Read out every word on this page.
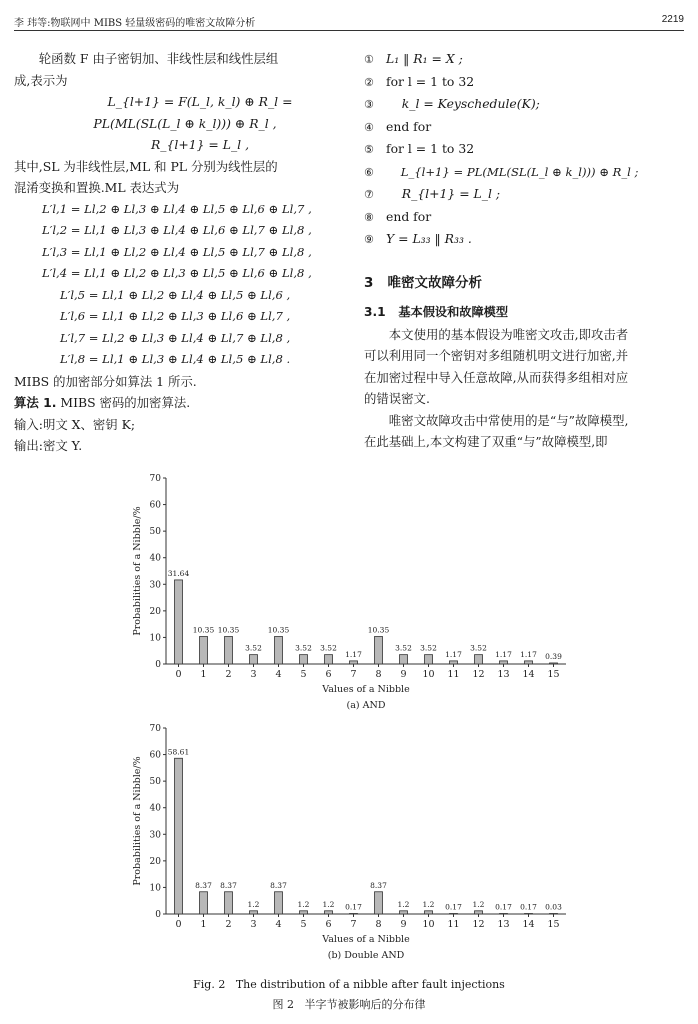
李 玮等:物联网中 MIBS 轻量级密码的唯密文故障分析	2219

轮函数 F 由子密钥加、非线性层和线性层组

成,表示为

L_{l+1} = F(L_l, k_l) ⊕ R_l =

PL(ML(SL(L_l ⊕ k_l))) ⊕ R_l ,

R_{l+1} = L_l ,

其中,SL 为非线性层,ML 和 PL 分别为线性层的

混淆变换和置换.ML 表达式为

L′l,1 = Ll,2 ⊕ Ll,3 ⊕ Ll,4 ⊕ Ll,5 ⊕ Ll,6 ⊕ Ll,7 ,

L′l,2 = Ll,1 ⊕ Ll,3 ⊕ Ll,4 ⊕ Ll,6 ⊕ Ll,7 ⊕ Ll,8 ,

L′l,3 = Ll,1 ⊕ Ll,2 ⊕ Ll,4 ⊕ Ll,5 ⊕ Ll,7 ⊕ Ll,8 ,

L′l,4 = Ll,1 ⊕ Ll,2 ⊕ Ll,3 ⊕ Ll,5 ⊕ Ll,6 ⊕ Ll,8 ,

L′l,5 = Ll,1 ⊕ Ll,2 ⊕ Ll,4 ⊕ Ll,5 ⊕ Ll,6 ,

L′l,6 = Ll,1 ⊕ Ll,2 ⊕ Ll,3 ⊕ Ll,6 ⊕ Ll,7 ,

L′l,7 = Ll,2 ⊕ Ll,3 ⊕ Ll,4 ⊕ Ll,7 ⊕ Ll,8 ,

L′l,8 = Ll,1 ⊕ Ll,3 ⊕ Ll,4 ⊕ Ll,5 ⊕ Ll,8 .

MIBS 的加密部分如算法 1 所示.

算法 1. MIBS 密码的加密算法.

输入:明文 X、密钥 K;

输出:密文 Y.

① L₁ ‖ R₁ = X ;

② for l = 1 to 32

③    k_l = Keyschedule(K);

④ end for

⑤ for l = 1 to 32

⑥    L_{l+1} = PL(ML(SL(L_l ⊕ k_l))) ⊕ R_l ;

⑦    R_{l+1} = L_l ;

⑧ end for

⑨ Y = L₃₃ ‖ R₃₃ .

3   唯密文故障分析

3.1   基本假设和故障模型

本文使用的基本假设为唯密文攻击,即攻击者

可以利用同一个密钥对多组随机明文进行加密,并

在加密过程中导入任意故障,从而获得多组相对应

的错误密文.

唯密文故障攻击中常使用的是“与”故障模型,

在此基础上,本文构建了双重“与”故障模型,即

0
10
20
30
40
50
60
70
31.64
0
10.35
1
10.35
2
3.52
3
10.35
4
3.52
5
3.52
6
1.17
7
10.35
8
3.52
9
3.52
10
1.17
11
3.52
12
1.17
13
1.17
14
0.39
15
Values of a Nibble
Probabilities of a Nibble/%
(a) AND
0
10
20
30
40
50
60
70
58.61
0
8.37
1
8.37
2
1.2
3
8.37
4
1.2
5
1.2
6
0.17
7
8.37
8
1.2
9
1.2
10
0.17
11
1.2
12
0.17
13
0.17
14
0.03
15
Values of a Nibble
Probabilities of a Nibble/%
(b) Double AND
Fig. 2   The distribution of a nibble after fault injections
图 2   半字节被影响后的分布律
